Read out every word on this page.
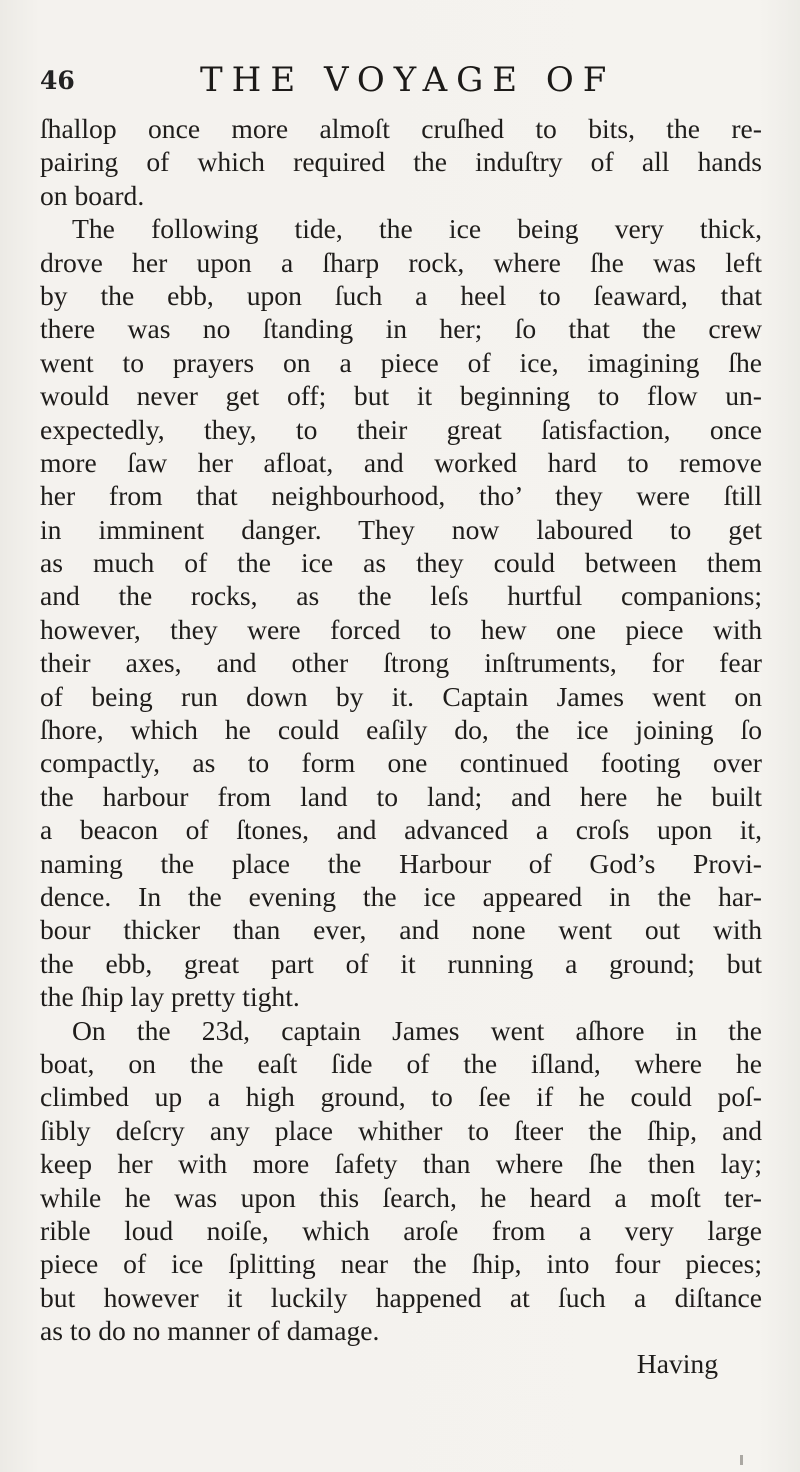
46	THE VOYAGE OF
ſhallop once more almoſt cruſhed to bits, the re-
pairing of which required the induſtry of all hands
on board.
The following tide, the ice being very thick,
drove her upon a ſharp rock, where ſhe was left
by the ebb, upon ſuch a heel to ſeaward, that
there was no ſtanding in her; ſo that the crew
went to prayers on a piece of ice, imagining ſhe
would never get off; but it beginning to flow un-
expectedly, they, to their great ſatisfaction, once
more ſaw her afloat, and worked hard to remove
her from that neighbourhood, tho’ they were ſtill
in imminent danger. They now laboured to get
as much of the ice as they could between them
and the rocks, as the leſs hurtful companions;
however, they were forced to hew one piece with
their axes, and other ſtrong inſtruments, for fear
of being run down by it. Captain James went on
ſhore, which he could eaſily do, the ice joining ſo
compactly, as to form one continued footing over
the harbour from land to land; and here he built
a beacon of ſtones, and advanced a croſs upon it,
naming the place the Harbour of God’s Provi-
dence. In the evening the ice appeared in the har-
bour thicker than ever, and none went out with
the ebb, great part of it running a ground; but
the ſhip lay pretty tight.
On the 23d, captain James went aſhore in the
boat, on the eaſt ſide of the iſland, where he
climbed up a high ground, to ſee if he could poſ-
ſibly deſcry any place whither to ſteer the ſhip, and
keep her with more ſafety than where ſhe then lay;
while he was upon this ſearch, he heard a moſt ter-
rible loud noiſe, which aroſe from a very large
piece of ice ſplitting near the ſhip, into four pieces;
but however it luckily happened at ſuch a diſtance
as to do no manner of damage.
Having
